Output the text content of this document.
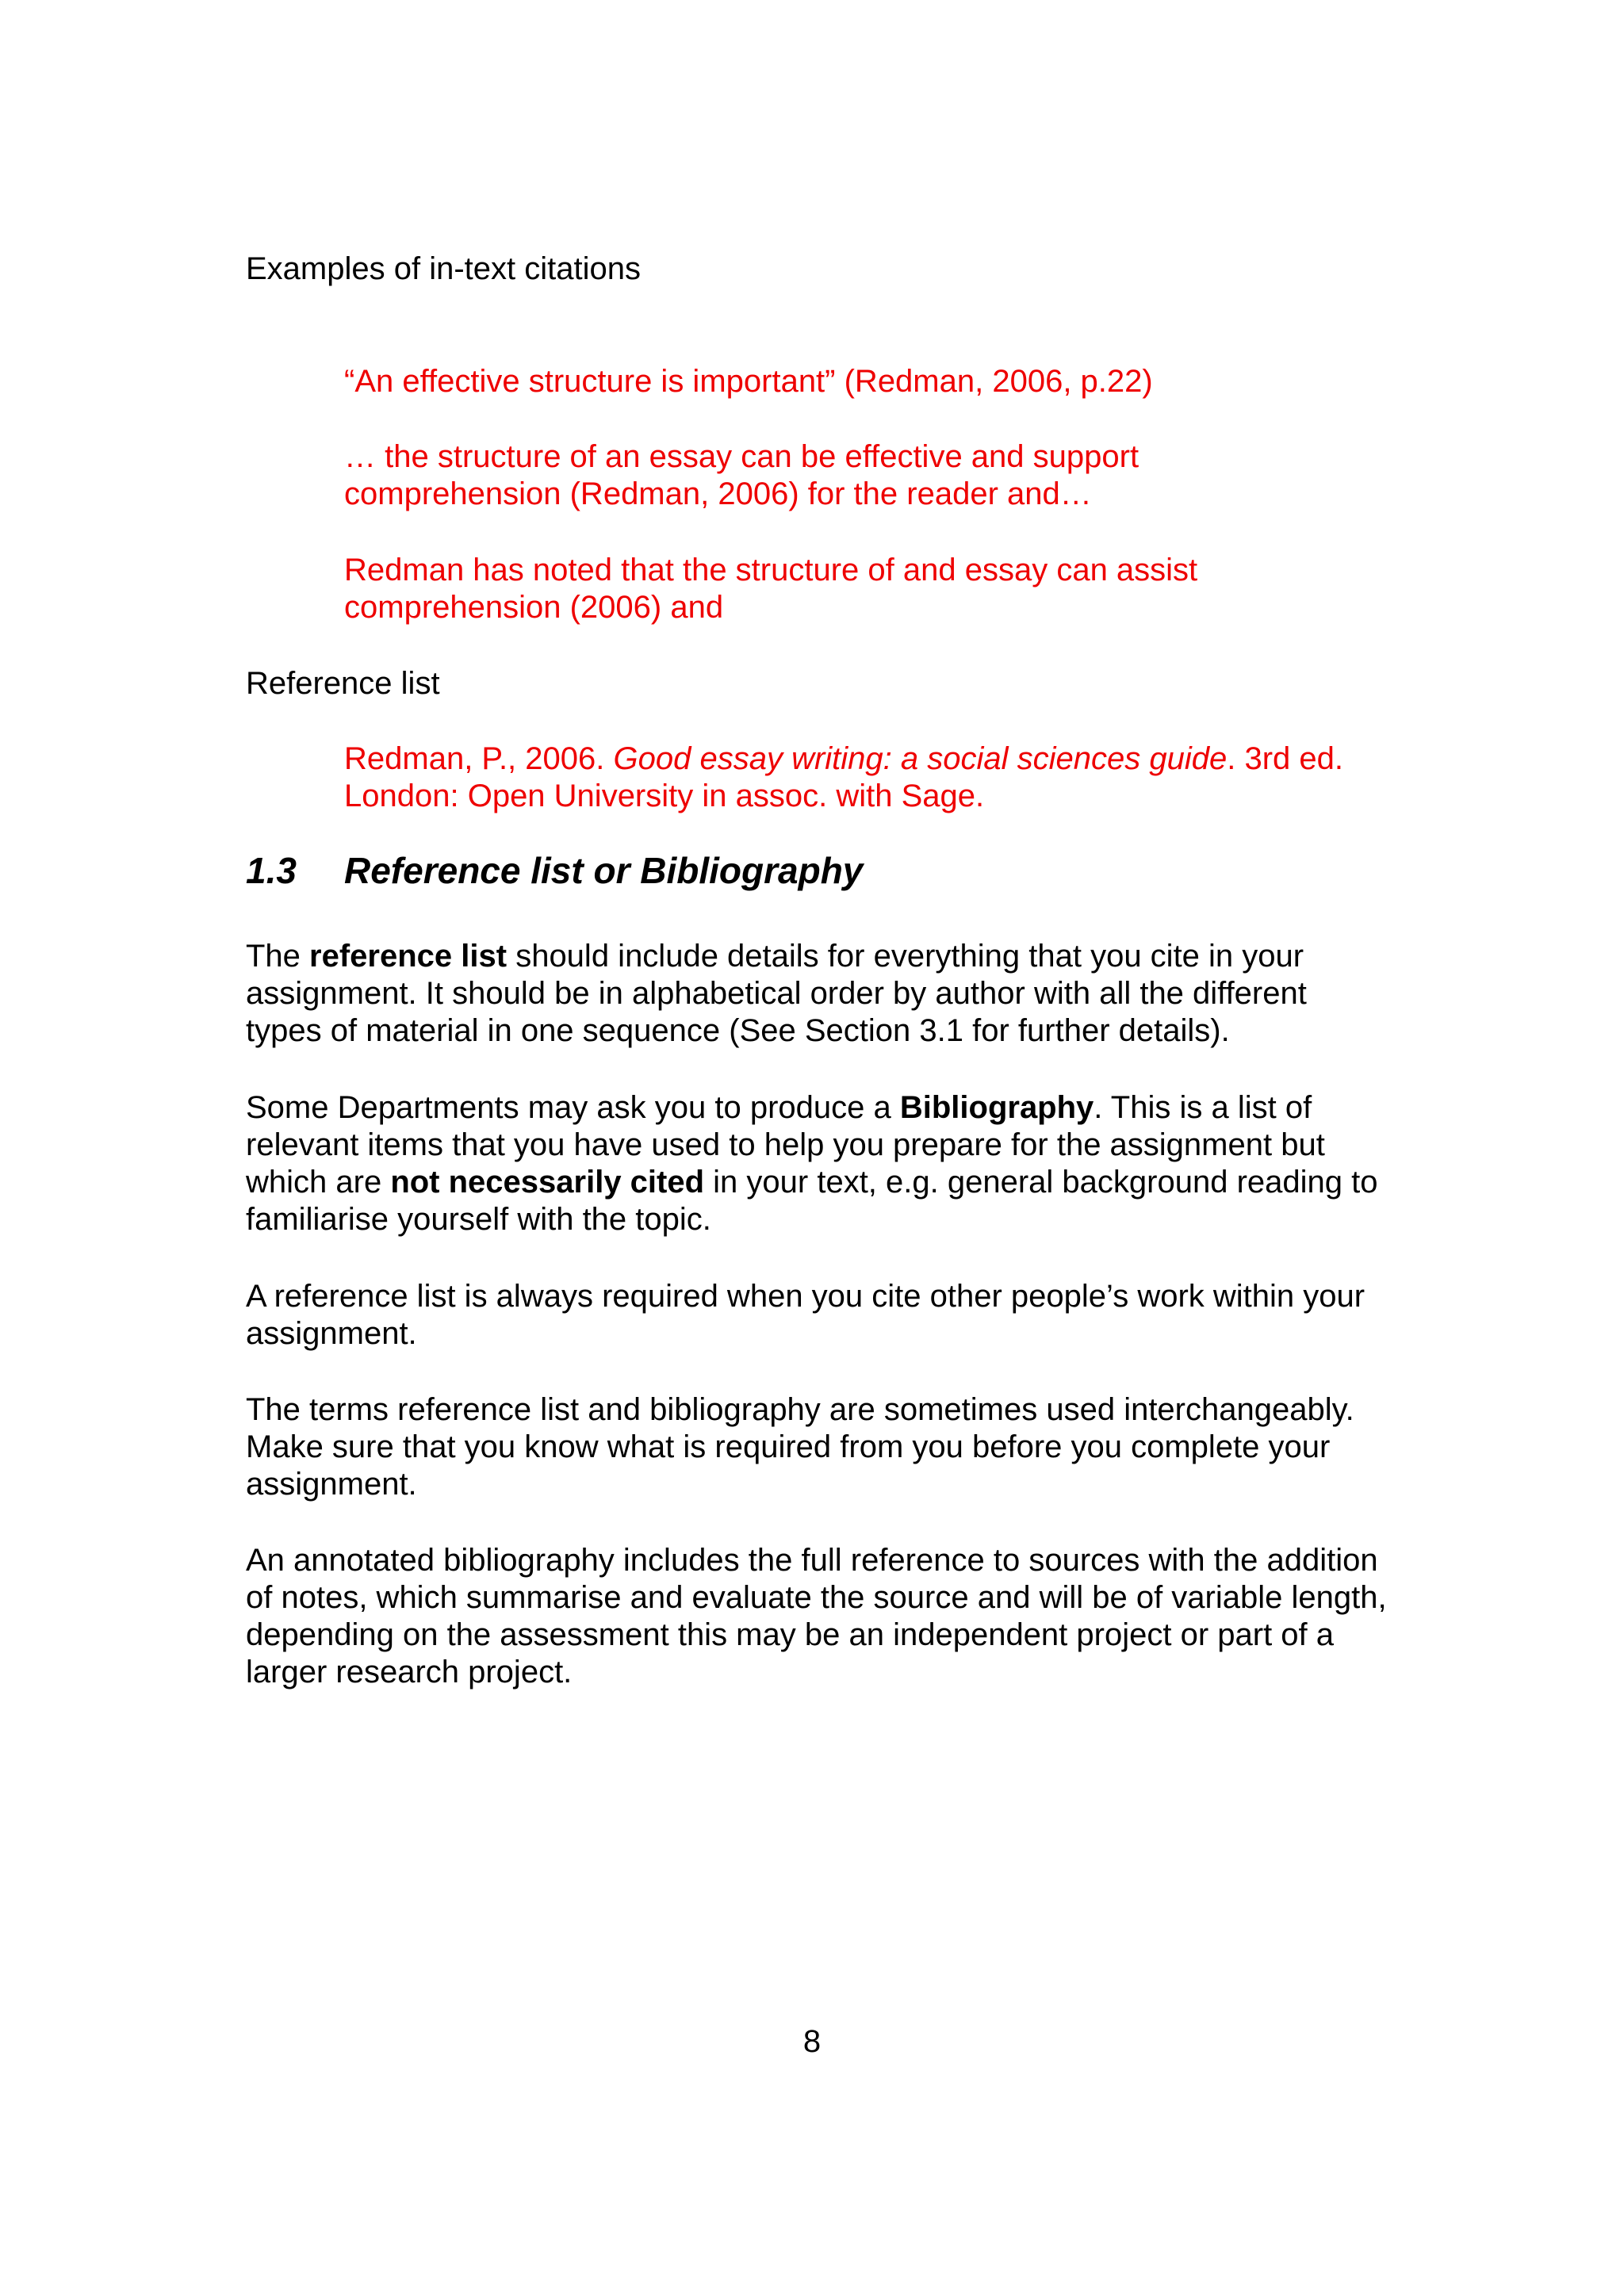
Examples of in-text citations

“An effective structure is important” (Redman, 2006, p.22)

… the structure of an essay can be effective and support comprehension (Redman, 2006) for the reader and…

Redman has noted that the structure of and essay can assist comprehension (2006) and

Reference list

Redman, P., 2006. Good essay writing: a social sciences guide. 3rd ed. London: Open University in assoc. with Sage.

1.3 Reference list or Bibliography

The reference list should include details for everything that you cite in your assignment. It should be in alphabetical order by author with all the different types of material in one sequence (See Section 3.1 for further details).

Some Departments may ask you to produce a Bibliography. This is a list of relevant items that you have used to help you prepare for the assignment but which are not necessarily cited in your text, e.g. general background reading to familiarise yourself with the topic.

A reference list is always required when you cite other people’s work within your assignment.

The terms reference list and bibliography are sometimes used interchangeably. Make sure that you know what is required from you before you complete your assignment.

An annotated bibliography includes the full reference to sources with the addition of notes, which summarise and evaluate the source and will be of variable length, depending on the assessment this may be an independent project or part of a larger research project.

8
